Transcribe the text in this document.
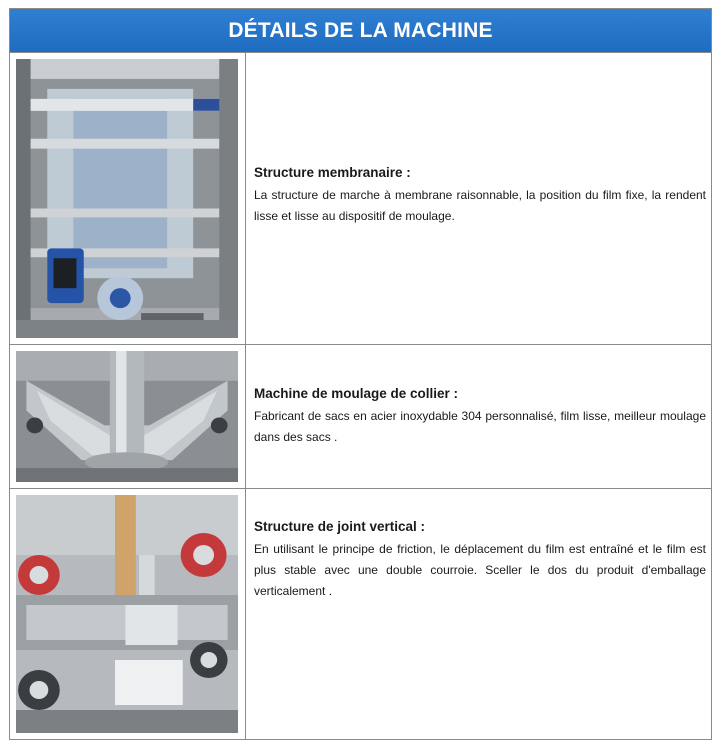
DÉTAILS DE LA MACHINE

Structure membranaire :

La structure de marche à membrane raisonnable, la position du film fixe, la rendent lisse et lisse au dispositif de moulage.

Machine de moulage de collier :

Fabricant de sacs en acier inoxydable 304 personnalisé, film lisse, meilleur moulage dans des sacs .

Structure de joint vertical :

En utilisant le principe de friction, le déplacement du film est entraîné et le film est plus stable avec une double courroie. Sceller le dos du produit d'emballage verticalement .
